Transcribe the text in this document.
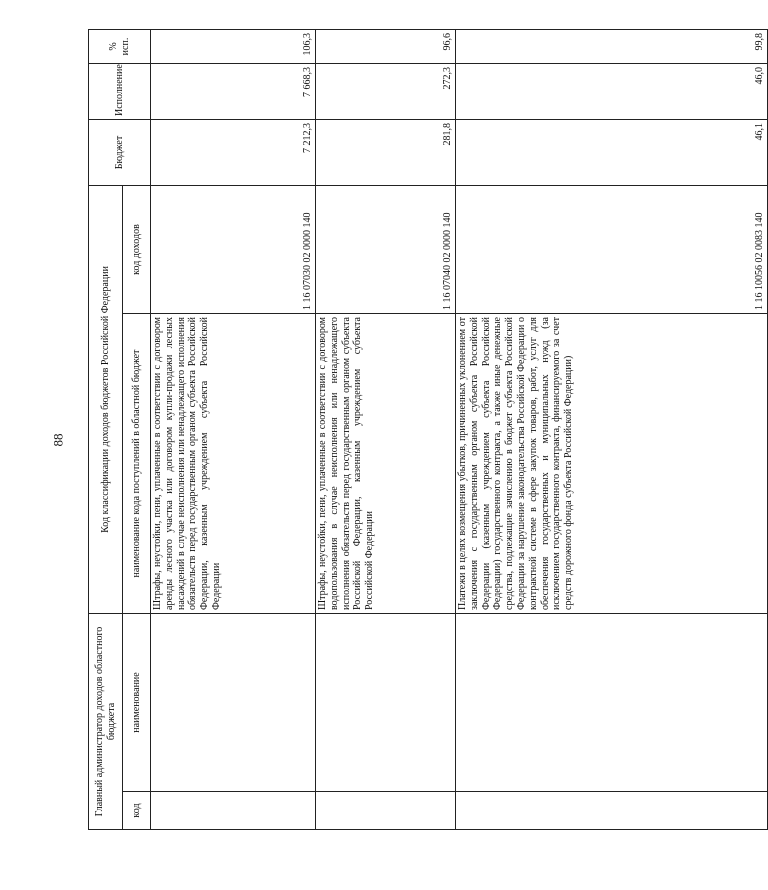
88
Главный администратор доходов областного бюджета		Код классификации доходов бюджетов Российской Федерации		Бюджет	Исполнение	% исп.
код	наименование	наименование кода поступлений в областной бюджет	код доходов			
		Штрафы, неустойки, пени, уплаченные в соответствии с договором аренды лесного участка или договором купли-продажи лесных насаждений в случае неисполнения или ненадлежащего исполнения обязательств перед государственным органом субъекта Российской Федерации, казенным учреждением субъекта Российской Федерации	1 16 07030 02 0000 140	7 212,3	7 668,3	106,3
		Штрафы, неустойки, пени, уплаченные в соответствии с договором водопользования в случае неисполнения или ненадлежащего исполнения обязательств перед государственным органом субъекта Российской Федерации, казенным учреждением субъекта Российской Федерации	1 16 07040 02 0000 140	281,8	272,3	96,6
		Платежи в целях возмещения убытков, причиненных уклонением от заключения с государственным органом субъекта Российской Федерации (казенным учреждением субъекта Российской Федерации) государственного контракта, а также иные денежные средства, подлежащие зачислению в бюджет субъекта Российской Федерации за нарушение законодательства Российской Федерации о контрактной системе в сфере закупок товаров, работ, услуг для обеспечения государственных и муниципальных нужд (за исключением государственного контракта, финансируемого за счет средств дорожного фонда субъекта Российской Федерации)	1 16 10056 02 0083 140	46,1	46,0	99,8
